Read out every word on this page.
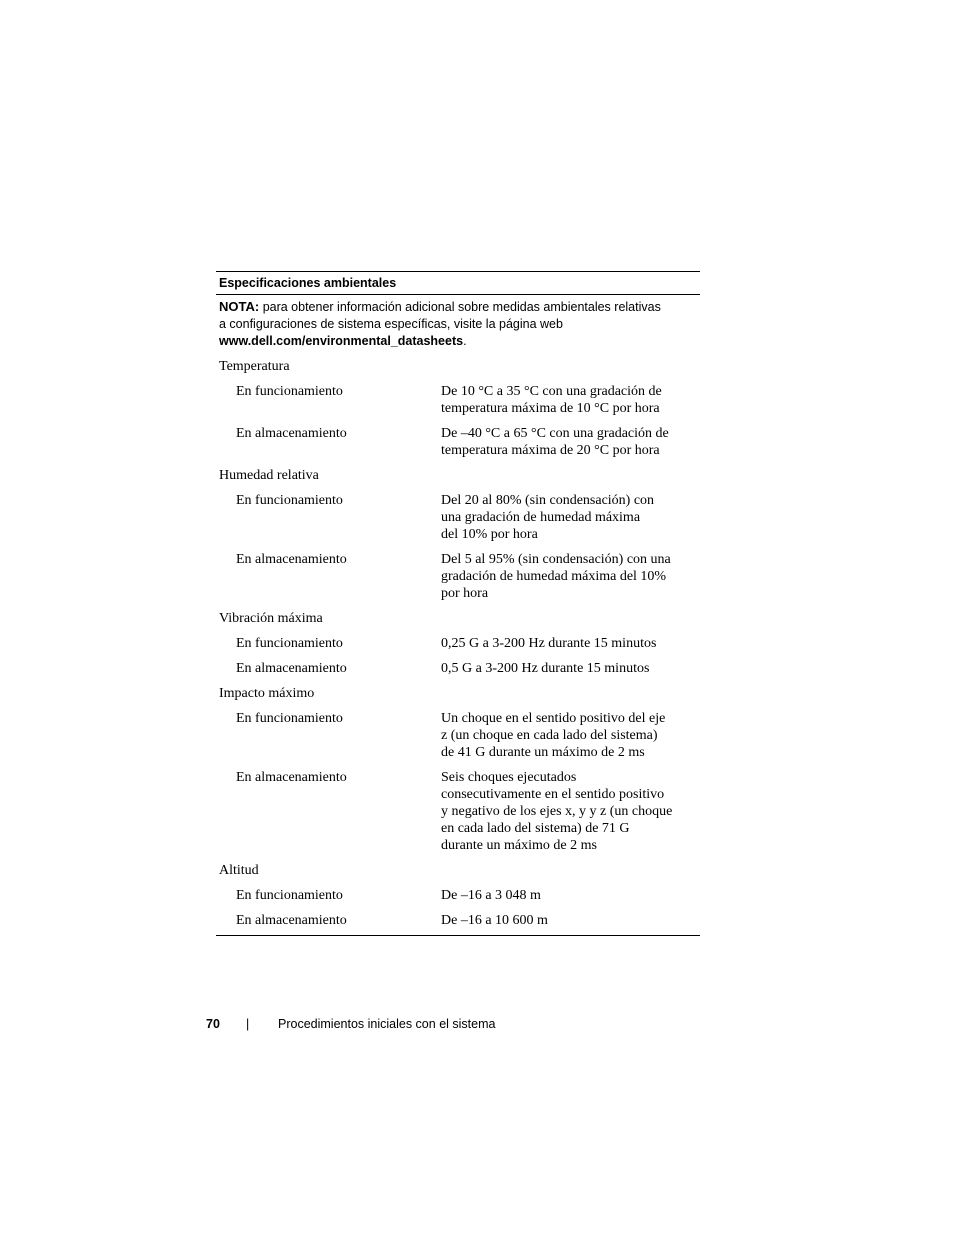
Especificaciones ambientales
NOTA: para obtener información adicional sobre medidas ambientales relativas
a configuraciones de sistema específicas, visite la página web
www.dell.com/environmental_datasheets.
Temperatura
En funcionamiento	De 10 °C a 35 °C con una gradación de
temperatura máxima de 10 °C por hora
En almacenamiento	De –40 °C a 65 °C con una gradación de
temperatura máxima de 20 °C por hora
Humedad relativa
En funcionamiento	Del 20 al 80% (sin condensación) con
una gradación de humedad máxima
del 10% por hora
En almacenamiento	Del 5 al 95% (sin condensación) con una
gradación de humedad máxima del 10%
por hora
Vibración máxima
En funcionamiento	0,25 G a 3-200 Hz durante 15 minutos
En almacenamiento	0,5 G a 3-200 Hz durante 15 minutos
Impacto máximo
En funcionamiento	Un choque en el sentido positivo del eje
z (un choque en cada lado del sistema)
de 41 G durante un máximo de 2 ms
En almacenamiento	Seis choques ejecutados
consecutivamente en el sentido positivo
y negativo de los ejes x, y y z (un choque
en cada lado del sistema) de 71 G
durante un máximo de 2 ms
Altitud
En funcionamiento	De –16 a 3 048 m
En almacenamiento	De –16 a 10 600 m
70 | Procedimientos iniciales con el sistema
